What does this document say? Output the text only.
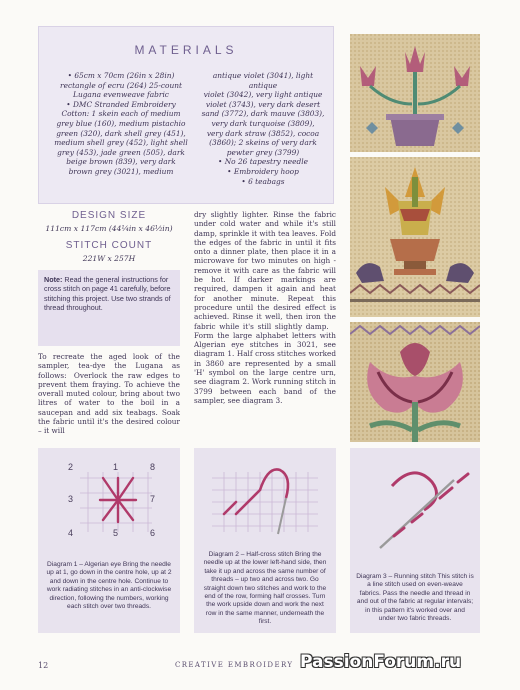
MATERIALS
• 65cm x 70cm (26in x 28in)
rectangle of ecru (264) 25-count
Lugana evenweave fabric
• DMC Stranded Embroidery
Cotton: 1 skein each of medium
grey blue (160), medium pistachio
green (320), dark shell grey (451),
medium shell grey (452), light shell
grey (453), jade green (505), dark
beige brown (839), very dark
brown grey (3021), medium
antique violet (3041), light antique
violet (3042), very light antique
violet (3743), very dark desert
sand (3772), dark mauve (3803),
very dark turquoise (3809),
very dark straw (3852), cocoa
(3860); 2 skeins of very dark
pewter grey (3799)
• No 26 tapestry needle
• Embroidery hoop
• 6 teabags
DESIGN SIZE
111cm x 117cm (44¹⁄₄in x 46¹⁄₂in)
STITCH COUNT
221W x 257H
Note: Read the general instructions for cross stitch on page 41 carefully, before stitching this project. Use two strands of thread throughout.
To recreate the aged look of the sampler, tea-dye the Lugana as follows: Overlock the raw edges to prevent them fraying. To achieve the overall muted colour, bring about two litres of water to the boil in a saucepan and add six teabags. Soak the fabric until it's the desired colour – it will
dry slightly lighter. Rinse the fabric under cold water and while it's still damp, sprinkle it with tea leaves. Fold the edges of the fabric in until it fits onto a dinner plate, then place it in a microwave for two minutes on high - remove it with care as the fabric will be hot. If darker markings are required, dampen it again and heat for another minute. Repeat this procedure until the desired effect is achieved. Rinse it well, then iron the fabric while it's still slightly damp. Form the large alphabet letters with Algerian eye stitches in 3021, see diagram 1. Half cross stitches worked in 3860 are represented by a small 'H' symbol on the large centre urn, see diagram 2. Work running stitch in 3799 between each band of the sampler, see diagram 3.
2	1	8
3	7
4	5	6
Diagram 1 – Algerian eye Bring the needle up at 1, go down in the centre hole, up at 2 and down in the centre hole. Continue to work radiating stitches in an anti-clockwise direction, following the numbers, working each stitch over two threads.
Diagram 2 – Half-cross stitch Bring the needle up at the lower left-hand side, then take it up and across the same number of threads – up two and across two. Go straight down two stitches and work to the end of the row, forming half crosses. Turn the work upside down and work the next row in the same manner, underneath the first.
Diagram 3 – Running stitch This stitch is a line stitch used on even-weave fabrics. Pass the needle and thread in and out of the fabric at regular intervals; in this pattern it's worked over and under two fabric threads.
12	CREATIVE EMBROIDERY PassionForum.ru
